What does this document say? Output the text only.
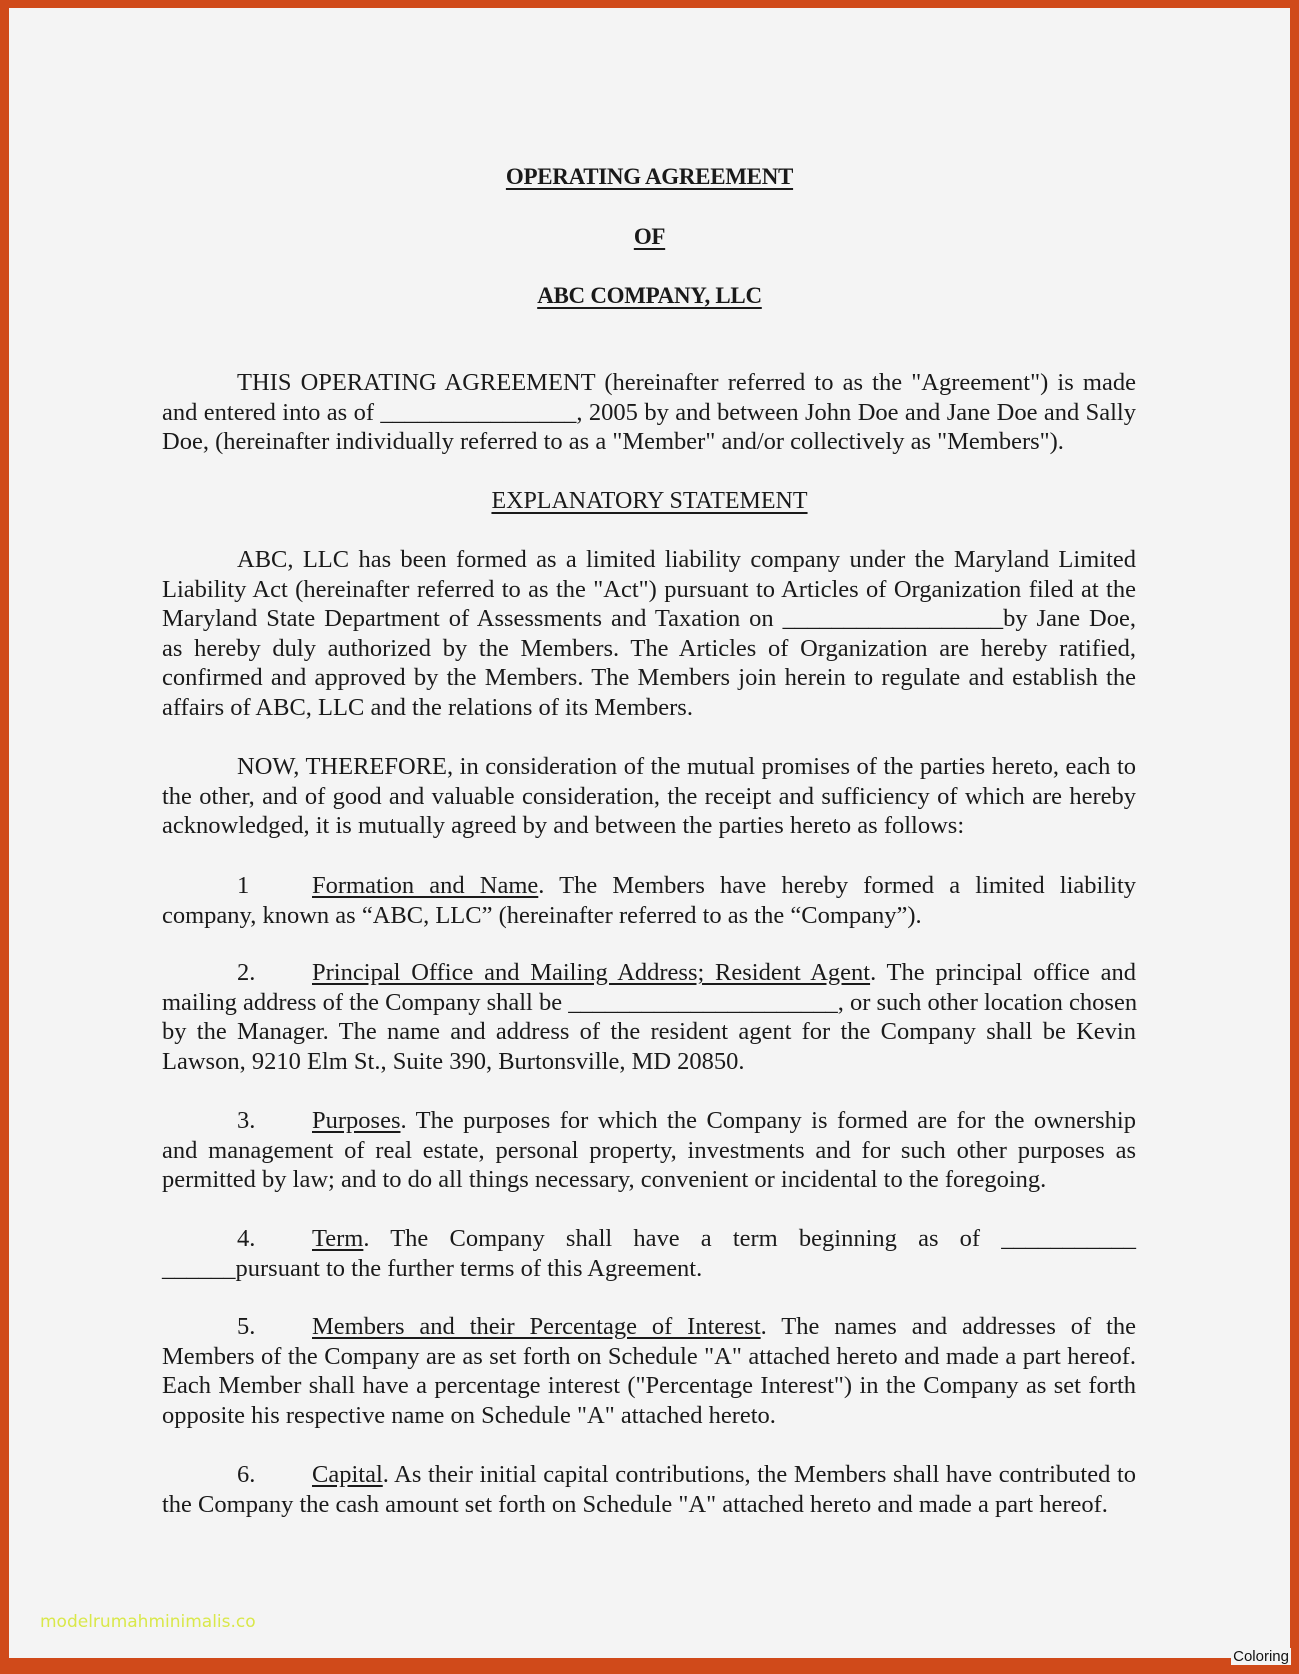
OPERATING AGREEMENT
OF
ABC COMPANY, LLC
THIS OPERATING AGREEMENT (hereinafter referred to as the "Agreement") is made
and entered into as of ________________, 2005 by and between John Doe and Jane Doe and Sally
Doe, (hereinafter individually referred to as a "Member" and/or collectively as "Members").
EXPLANATORY STATEMENT
ABC, LLC has been formed as a limited liability company under the Maryland Limited
Liability Act (hereinafter referred to as the "Act") pursuant to Articles of Organization filed at the
Maryland State Department of Assessments and Taxation on __________________by Jane Doe,
as hereby duly authorized by the Members. The Articles of Organization are hereby ratified,
confirmed and approved by the Members. The Members join herein to regulate and establish the
affairs of ABC, LLC and the relations of its Members.
NOW, THEREFORE, in consideration of the mutual promises of the parties hereto, each to
the other, and of good and valuable consideration, the receipt and sufficiency of which are hereby
acknowledged, it is mutually agreed by and between the parties hereto as follows:
1	Formation and Name. The Members have hereby formed a limited liability
company, known as “ABC, LLC” (hereinafter referred to as the “Company”).
2. Principal Office and Mailing Address; Resident Agent. The principal office and
mailing address of the Company shall be ______________________, or such other location chosen
by the Manager. The name and address of the resident agent for the Company shall be Kevin
Lawson, 9210 Elm St., Suite 390, Burtonsville, MD 20850.
3. Purposes. The purposes for which the Company is formed are for the ownership
and management of real estate, personal property, investments and for such other purposes as
permitted by law; and to do all things necessary, convenient or incidental to the foregoing.
4. Term. The Company shall have a term beginning as of ___________
______pursuant to the further terms of this Agreement.
5. Members and their Percentage of Interest. The names and addresses of the
Members of the Company are as set forth on Schedule "A" attached hereto and made a part hereof.
Each Member shall have a percentage interest ("Percentage Interest") in the Company as set forth
opposite his respective name on Schedule "A" attached hereto.
6. Capital. As their initial capital contributions, the Members shall have contributed to
the Company the cash amount set forth on Schedule "A" attached hereto and made a part hereof.
modelrumahminimalis.co
Coloring
